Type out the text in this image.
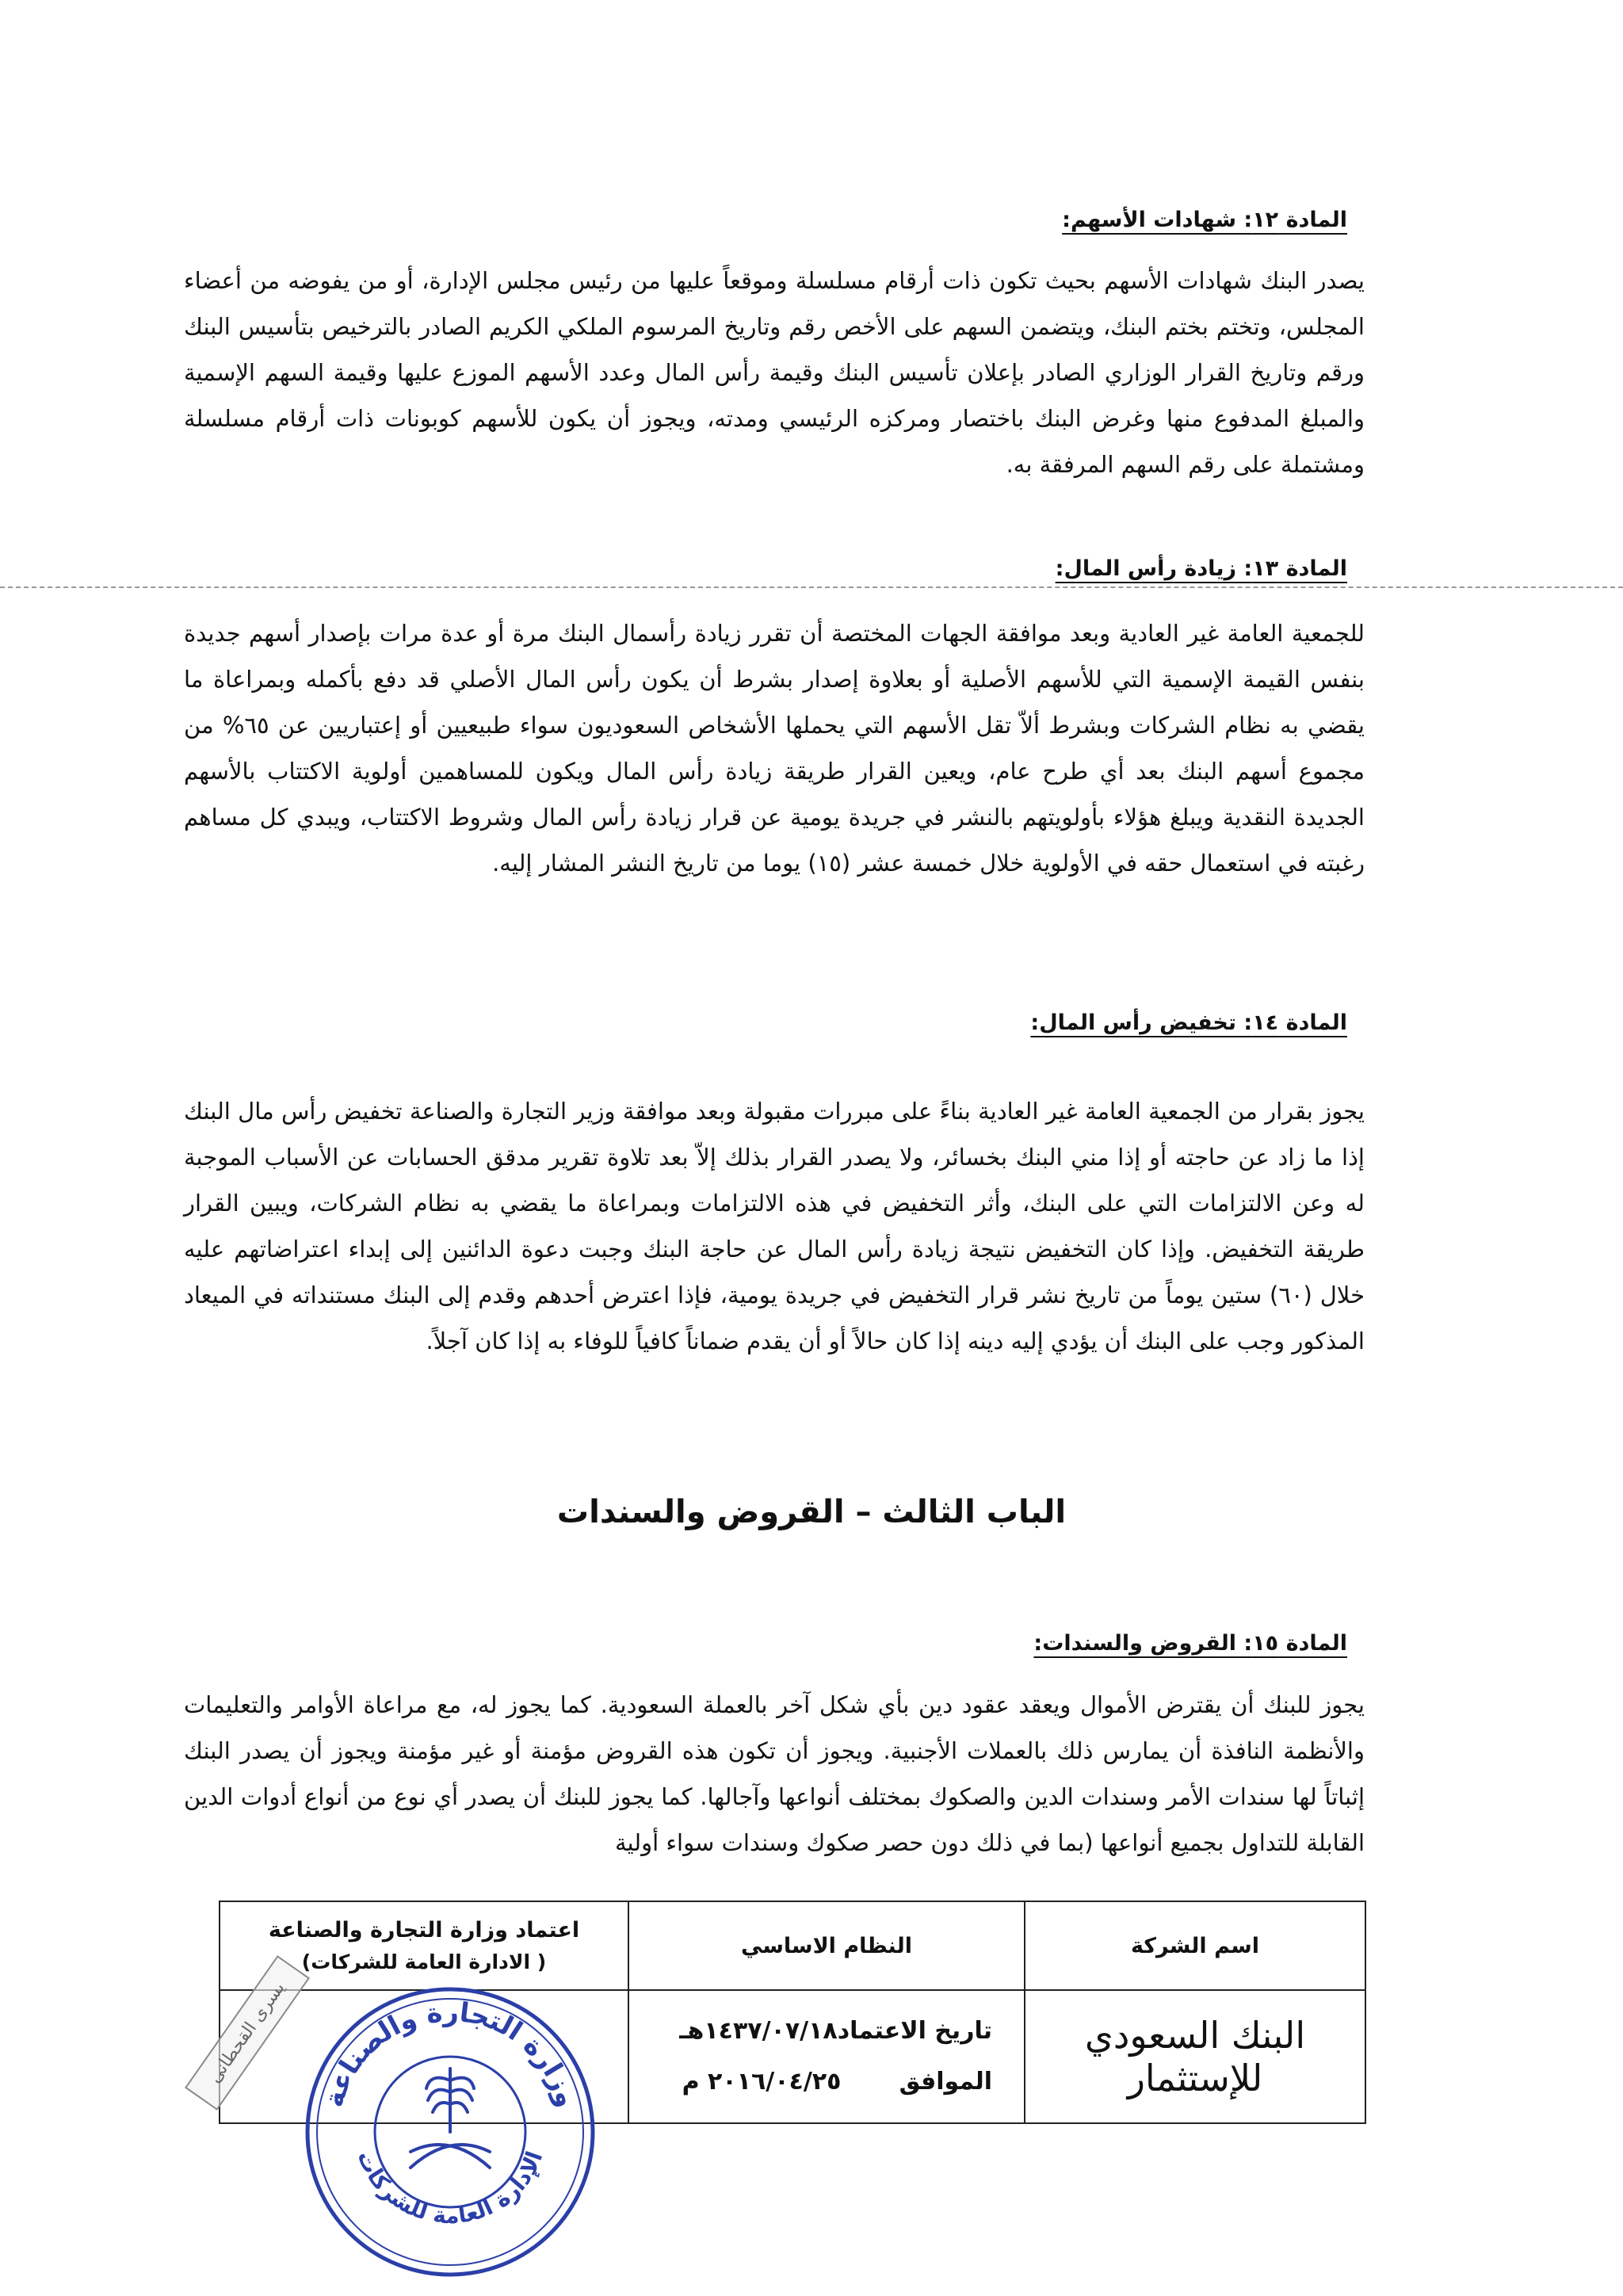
المادة ١٢: شهادات الأسهم:

يصدر البنك شهادات الأسهم بحيث تكون ذات أرقام مسلسلة وموقعاً عليها من رئيس مجلس الإدارة، أو من يفوضه من أعضاء المجلس، وتختم بختم البنك، ويتضمن السهم على الأخص رقم وتاريخ المرسوم الملكي الكريم الصادر بالترخيص بتأسيس البنك ورقم وتاريخ القرار الوزاري الصادر بإعلان تأسيس البنك وقيمة رأس المال وعدد الأسهم الموزع عليها وقيمة السهم الإسمية والمبلغ المدفوع منها وغرض البنك باختصار ومركزه الرئيسي ومدته، ويجوز أن يكون للأسهم كوبونات ذات أرقام مسلسلة ومشتملة على رقم السهم المرفقة به.

المادة ١٣: زيادة رأس المال:

للجمعية العامة غير العادية وبعد موافقة الجهات المختصة أن تقرر زيادة رأسمال البنك مرة أو عدة مرات بإصدار أسهم جديدة بنفس القيمة الإسمية التي للأسهم الأصلية أو بعلاوة إصدار بشرط أن يكون رأس المال الأصلي قد دفع بأكمله وبمراعاة ما يقضي به نظام الشركات وبشرط ألاّ تقل الأسهم التي يحملها الأشخاص السعوديون سواء طبيعيين أو إعتباريين عن ٦٥% من مجموع أسهم البنك بعد أي طرح عام، ويعين القرار طريقة زيادة رأس المال ويكون للمساهمين أولوية الاكتتاب بالأسهم الجديدة النقدية ويبلغ هؤلاء بأولويتهم بالنشر في جريدة يومية عن قرار زيادة رأس المال وشروط الاكتتاب، ويبدي كل مساهم رغبته في استعمال حقه في الأولوية خلال خمسة عشر (١٥) يوما من تاريخ النشر المشار إليه.

المادة ١٤: تخفيض رأس المال:

يجوز بقرار من الجمعية العامة غير العادية بناءً على مبررات مقبولة وبعد موافقة وزير التجارة والصناعة تخفيض رأس مال البنك إذا ما زاد عن حاجته أو إذا مني البنك بخسائر، ولا يصدر القرار بذلك إلاّ بعد تلاوة تقرير مدقق الحسابات عن الأسباب الموجبة له وعن الالتزامات التي على البنك، وأثر التخفيض في هذه الالتزامات وبمراعاة ما يقضي به نظام الشركات، ويبين القرار طريقة التخفيض. وإذا كان التخفيض نتيجة زيادة رأس المال عن حاجة البنك وجبت دعوة الدائنين إلى إبداء اعتراضاتهم عليه خلال (٦٠) ستين يوماً من تاريخ نشر قرار التخفيض في جريدة يومية، فإذا اعترض أحدهم وقدم إلى البنك مستنداته في الميعاد المذكور وجب على البنك أن يؤدي إليه دينه إذا كان حالاً أو أن يقدم ضماناً كافياً للوفاء به إذا كان آجلاً.

الباب الثالث – القروض والسندات
المادة ١٥: القروض والسندات:

يجوز للبنك أن يقترض الأموال ويعقد عقود دين بأي شكل آخر بالعملة السعودية. كما يجوز له، مع مراعاة الأوامر والتعليمات والأنظمة النافذة أن يمارس ذلك بالعملات الأجنبية. ويجوز أن تكون هذه القروض مؤمنة أو غير مؤمنة ويجوز أن يصدر البنك إثباتاً لها سندات الأمر وسندات الدين والصكوك بمختلف أنواعها وآجالها. كما يجوز للبنك أن يصدر أي نوع من أنواع أدوات الدين القابلة للتداول بجميع أنواعها (بما في ذلك دون حصر صكوك وسندات سواء أولية

اسم الشركة	النظام الاساسي	اعتماد وزارة التجارة والصناعة
( الادارة العامة للشركات)

البنك السعودي للإستثمار	تاريخ الاعتماد١٤٣٧/٠٧/١٨هـ
الموافق       ٢٠١٦/٠٤/٢٥ م	

يسرى القحطانى
وزارة التجارة والصناعة
الإدارة العامة للشركات
